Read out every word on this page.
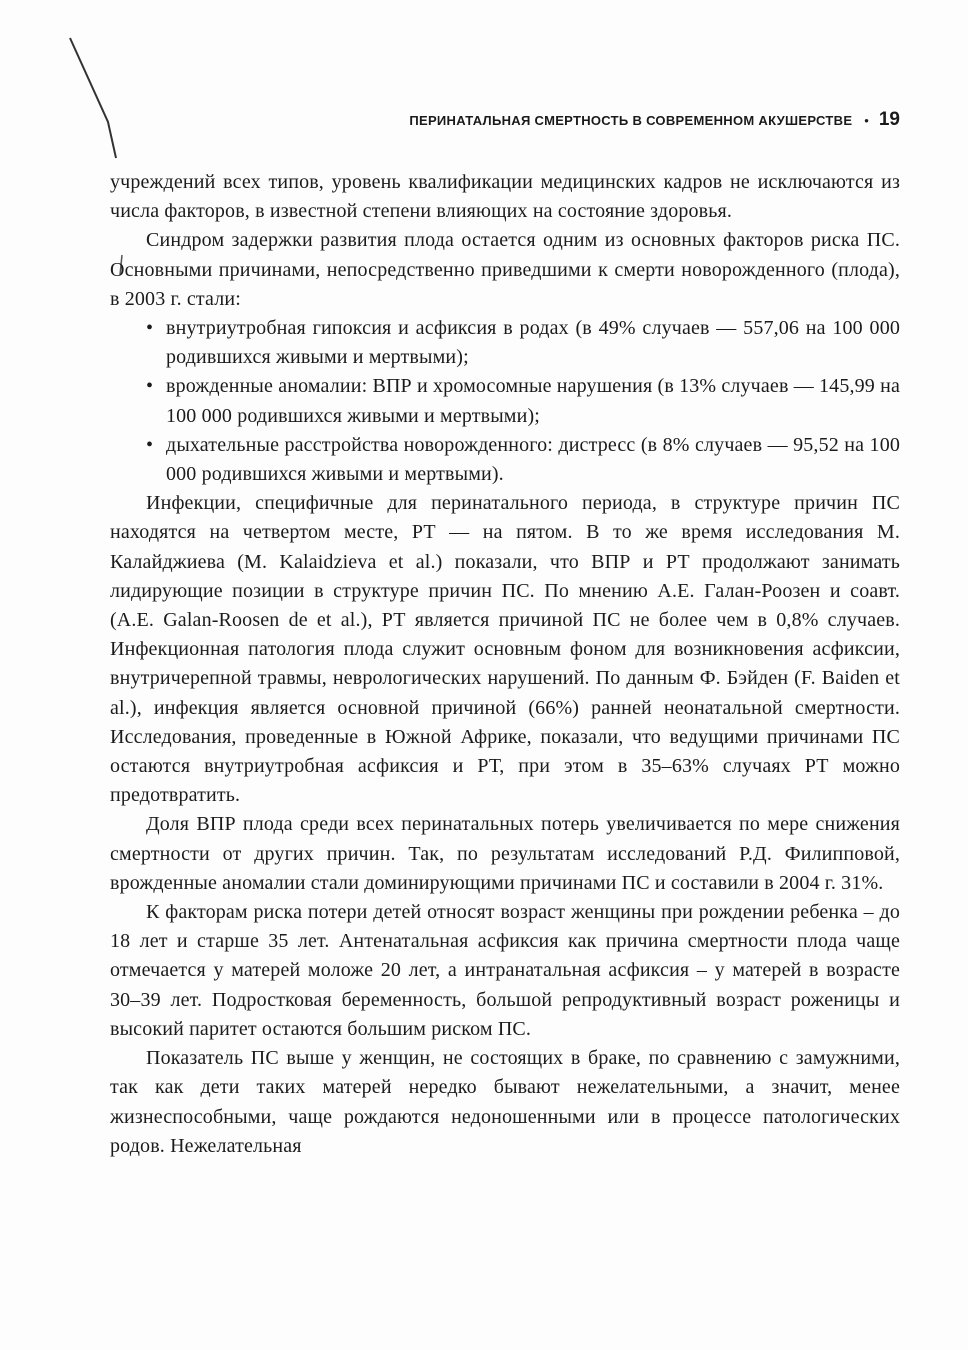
ПЕРИНАТАЛЬНАЯ СМЕРТНОСТЬ В СОВРЕМЕННОМ АКУШЕРСТВЕ • 19

учреждений всех типов, уровень квалификации медицинских кадров не исключаются из числа факторов, в известной степени влияющих на состояние здоровья.

Синдром задержки развития плода остается одним из основных факторов риска ПС. Основными причинами, непосредственно приведшими к смерти новорожденного (плода), в 2003 г. стали:

• внутриутробная гипоксия и асфиксия в родах (в 49% случаев — 557,06 на 100 000 родившихся живыми и мертвыми);
• врожденные аномалии: ВПР и хромосомные нарушения (в 13% случаев — 145,99 на 100 000 родившихся живыми и мертвыми);
• дыхательные расстройства новорожденного: дистресс (в 8% случаев — 95,52 на 100 000 родившихся живыми и мертвыми).

Инфекции, специфичные для перинатального периода, в структуре причин ПС находятся на четвертом месте, РТ — на пятом. В то же время исследования М. Калайджиева (M. Kalaidzieva et al.) показали, что ВПР и РТ продолжают занимать лидирующие позиции в структуре причин ПС. По мнению А.Е. Галан-Роозен и соавт. (A.E. Galan-Roosen de et al.), РТ является причиной ПС не более чем в 0,8% случаев. Инфекционная патология плода служит основным фоном для возникновения асфиксии, внутричерепной травмы, неврологических нарушений. По данным Ф. Бэйден (F. Baiden et al.), инфекция является основной причиной (66%) ранней неонатальной смертности. Исследования, проведенные в Южной Африке, показали, что ведущими причинами ПС остаются внутриутробная асфиксия и РТ, при этом в 35–63% случаях РТ можно предотвратить.

Доля ВПР плода среди всех перинатальных потерь увеличивается по мере снижения смертности от других причин. Так, по результатам исследований Р.Д. Филипповой, врожденные аномалии стали доминирующими причинами ПС и составили в 2004 г. 31%.

К факторам риска потери детей относят возраст женщины при рождении ребенка – до 18 лет и старше 35 лет. Антенатальная асфиксия как причина смертности плода чаще отмечается у матерей моложе 20 лет, а интранатальная асфиксия – у матерей в возрасте 30–39 лет. Подростковая беременность, большой репродуктивный возраст роженицы и высокий паритет остаются большим риском ПС.

Показатель ПС выше у женщин, не состоящих в браке, по сравнению с замужними, так как дети таких матерей нередко бывают нежелательными, а значит, менее жизнеспособными, чаще рождаются недоношенными или в процессе патологических родов. Нежелательная
